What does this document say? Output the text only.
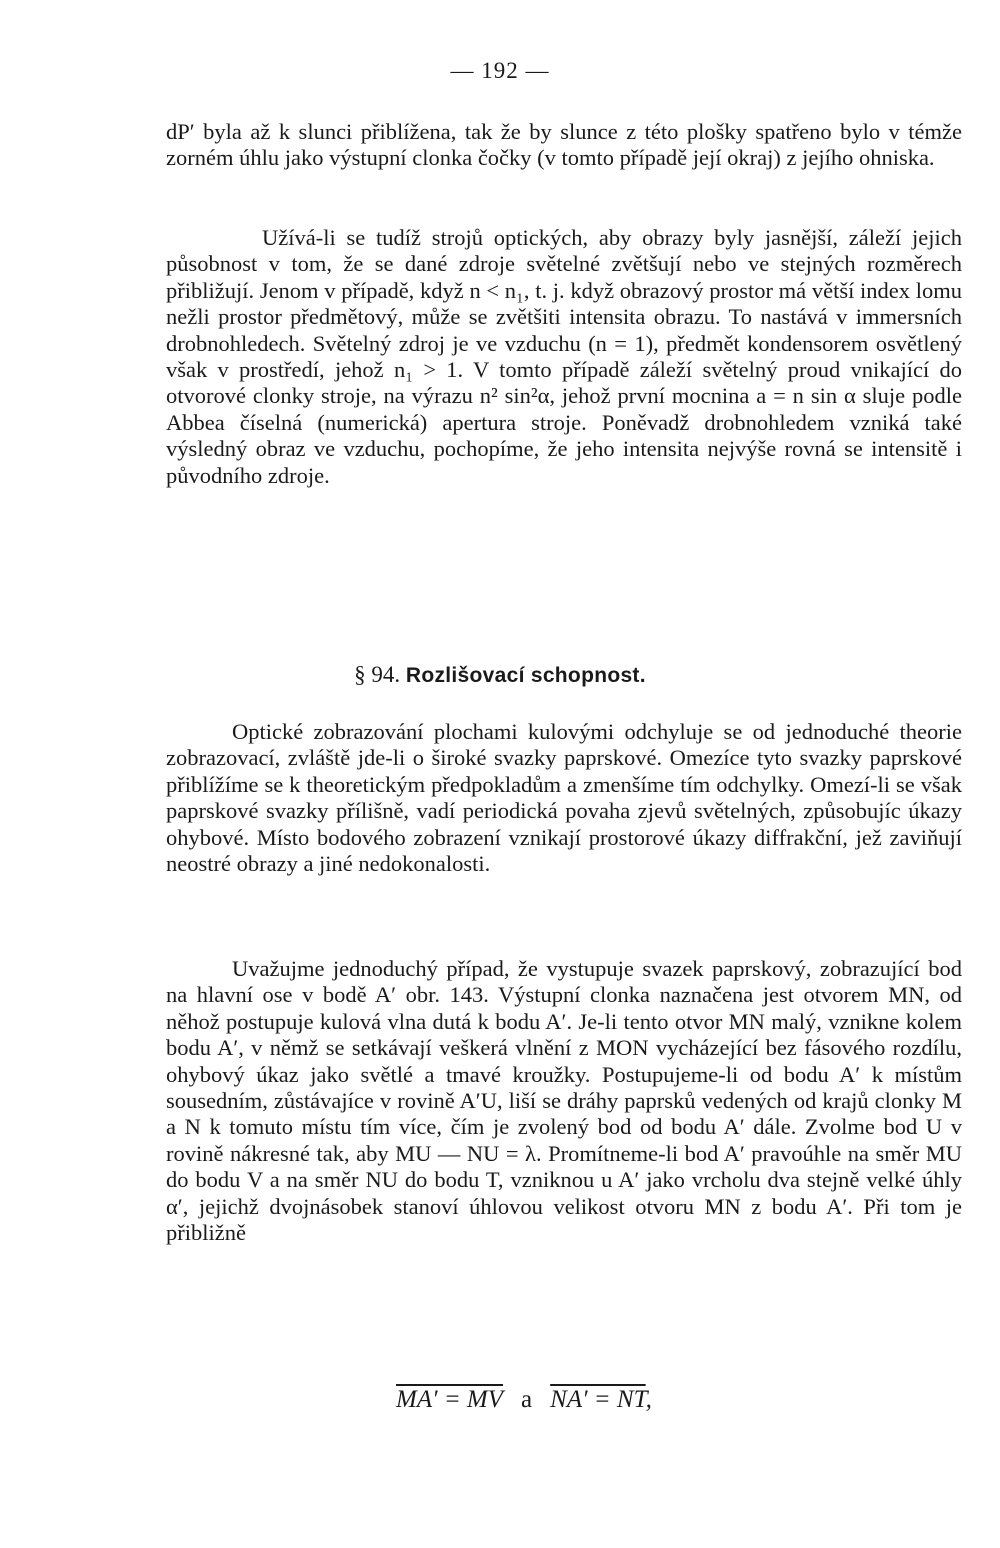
— 192 —

dP′ byla až k slunci přiblížena, tak že by slunce z této plošky spatřeno bylo v témže zorném úhlu jako výstupní clonka čočky (v tomto případě její okraj) z jejího ohniska.

Užívá-li se tudíž strojů optických, aby obrazy byly jasnější, záleží jejich působnost v tom, že se dané zdroje světelné zvětšují nebo ve stejných rozměrech přibližují. Jenom v případě, když n < n₁, t. j. když obrazový prostor má větší index lomu nežli prostor předmětový, může se zvětšiti intensita obrazu. To nastává v immersních drobnohledech. Světelný zdroj je ve vzduchu (n = 1), předmět kondensorem osvětlený však v prostředí, jehož n₁ > 1. V tomto případě záleží světelný proud vnikající do otvorové clonky stroje, na výrazu n² sin²α, jehož první mocnina a = n sin α sluje podle Abbea číselná (numerická) apertura stroje. Poněvadž drobnohledem vzniká také výsledný obraz ve vzduchu, pochopíme, že jeho intensita nejvýše rovná se intensitě i původního zdroje.

§ 94. Rozlišovací schopnost.

Optické zobrazování plochami kulovými odchyluje se od jednoduché theorie zobrazovací, zvláště jde-li o široké svazky paprskové. Omezíce tyto svazky paprskové přiblížíme se k theoretickým předpokladům a zmenšíme tím odchylky. Omezí-li se však paprskové svazky přílišně, vadí periodická povaha zjevů světelných, způsobujíc úkazy ohybové. Místo bodového zobrazení vznikají prostorové úkazy diffrakční, jež zaviňují neostré obrazy a jiné nedokonalosti.

Uvažujme jednoduchý případ, že vystupuje svazek paprskový, zobrazující bod na hlavní ose v bodě A′ obr. 143. Výstupní clonka naznačena jest otvorem MN, od něhož postupuje kulová vlna dutá k bodu A′. Je-li tento otvor MN malý, vznikne kolem bodu A′, v němž se setkávají veškerá vlnění z MON vycházející bez fásového rozdílu, ohybový úkaz jako světlé a tmavé kroužky. Postupujeme-li od bodu A′ k místům sousedním, zůstávajíce v rovině A′U, liší se dráhy paprsků vedených od krajů clonky M a N k tomuto místu tím více, čím je zvolený bod od bodu A′ dále. Zvolme bod U v rovině nákresné tak, aby MU — NU = λ. Promítneme-li bod A′ pravoúhle na směr MU do bodu V a na směr NU do bodu T, vzniknou u A′ jako vrcholu dva stejně velké úhly α′, jejichž dvojnásobek stanoví úhlovou velikost otvoru MN z bodu A′. Při tom je přibližně

MA′ = MV a NA′ = NT,
